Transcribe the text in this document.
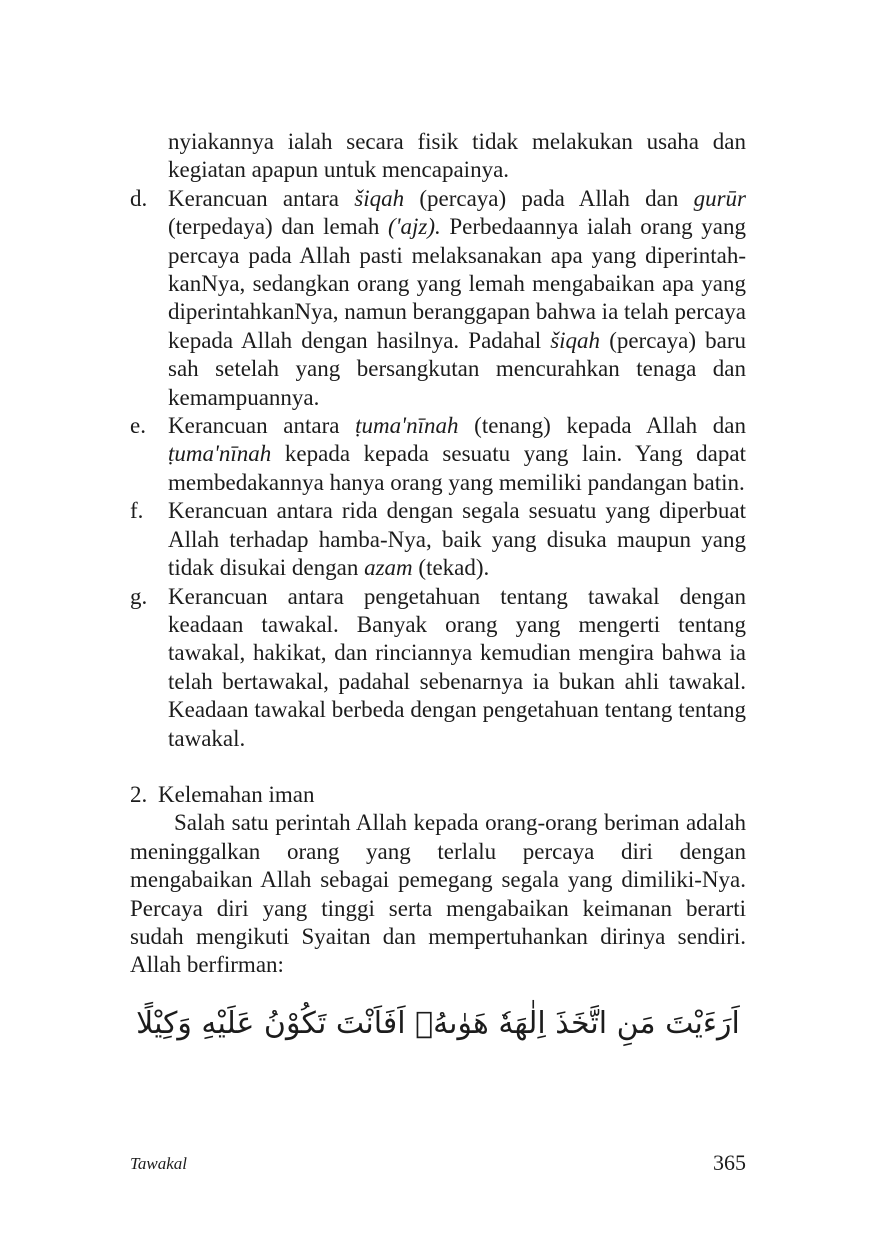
nyiakannya ialah secara fisik tidak melakukan usaha dan kegiatan apapun untuk mencapainya.

d. Kerancuan antara šiqah (percaya) pada Allah dan gurūr (terpedaya) dan lemah ('ajz). Perbedaannya ialah orang yang percaya pada Allah pasti melaksanakan apa yang diperintah-kanNya, sedangkan orang yang lemah mengabaikan apa yang diperintahkanNya, namun beranggapan bahwa ia telah percaya kepada Allah dengan hasilnya. Padahal šiqah (percaya) baru sah setelah yang bersangkutan mencurahkan tenaga dan kemampuannya.
e. Kerancuan antara ṭuma'nīnah (tenang) kepada Allah dan ṭuma'nīnah kepada kepada sesuatu yang lain. Yang dapat membedakannya hanya orang yang memiliki pandangan batin.
f.	Kerancuan antara rida dengan segala sesuatu yang diperbuat Allah terhadap hamba-Nya, baik yang disuka maupun yang tidak disukai dengan azam (tekad).
g. Kerancuan antara pengetahuan tentang tawakal dengan keadaan tawakal. Banyak orang yang mengerti tentang tawakal, hakikat, dan rinciannya kemudian mengira bahwa ia telah bertawakal, padahal sebenarnya ia bukan ahli tawakal. Keadaan tawakal berbeda dengan pengetahuan tentang tentang tawakal.
2. Kelemahan iman

Salah satu perintah Allah kepada orang-orang beriman adalah meninggalkan orang yang terlalu percaya diri dengan mengabaikan Allah sebagai pemegang segala yang dimiliki-Nya. Percaya diri yang tinggi serta mengabaikan keimanan berarti sudah mengikuti Syaitan dan mempertuhankan dirinya sendiri. Allah berfirman:

اَرَءَيْتَ مَنِ اتَّخَذَ اِلٰهَهٗ هَوٰىهُۗ اَفَاَنْتَ تَكُوْنُ عَلَيْهِ وَكِيْلًا
Tawakal	365
